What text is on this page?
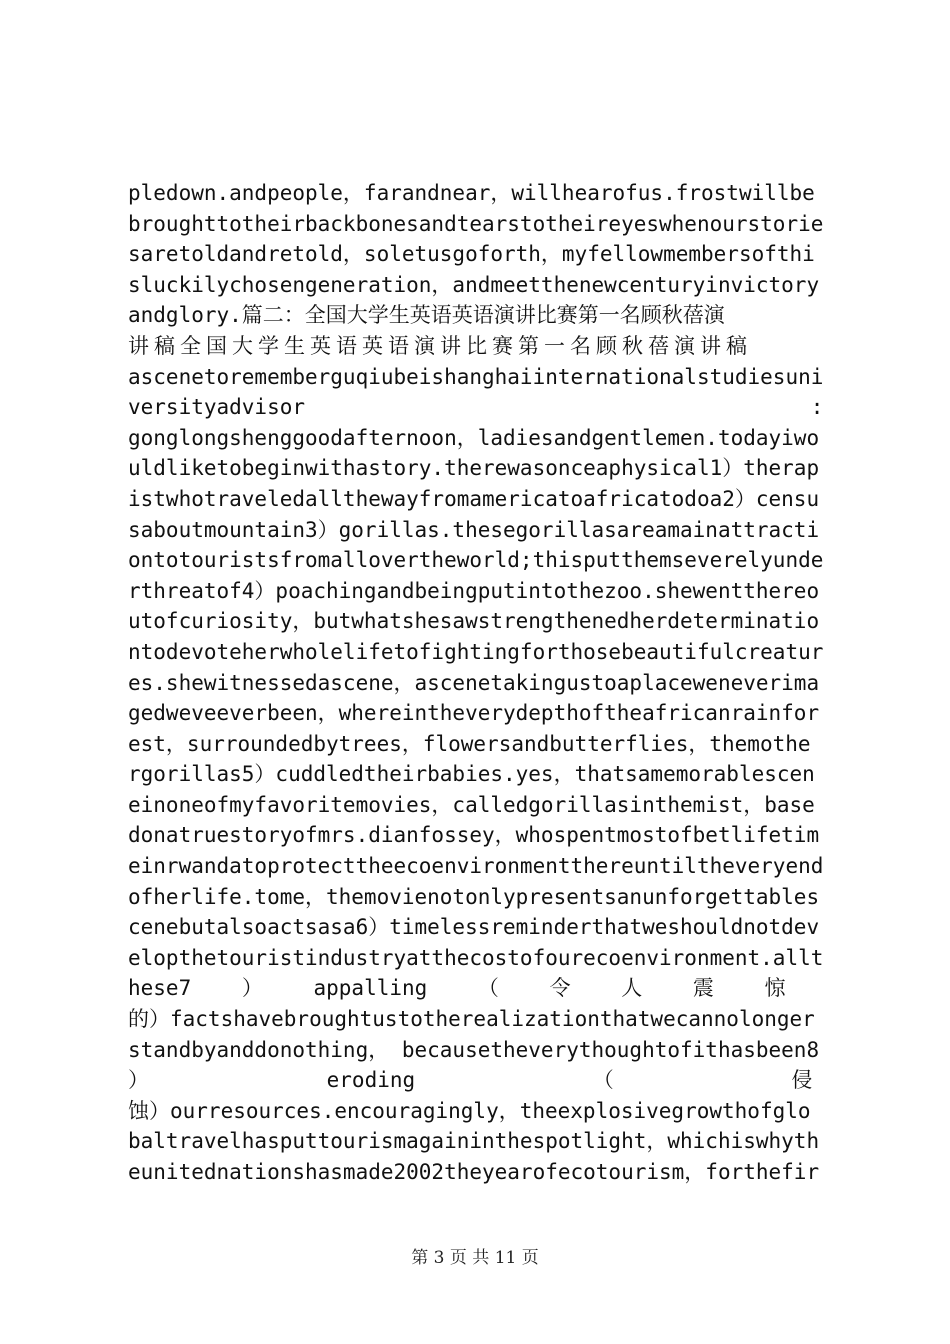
pledown.andpeople，farandnear，willhearofus.frostwillbe
broughttotheirbackbonesandtearstotheireyeswhenourstorie
saretoldandretold，soletusgoforth，myfellowmembersofthi
sluckilychosengeneration，andmeetthenewcenturyinvictory
andglory.篇二：全国大学生英语英语演讲比赛第一名顾秋蓓演
讲稿全国大学生英语英语演讲比赛第一名顾秋蓓演讲稿
ascenetorememberguqiubeishanghaiinternationalstudiesuni
versityadvisor                                        :
gonglongshenggoodafternoon，ladiesandgentlemen.todayiwo
uldliketobeginwithastory.therewasonceaphysical1）therap
istwhotraveledallthewayfromamericatoafricatodoa2）censu
saboutmountain3）gorillas.thesegorillasareamainattracti
ontotouristsfromallovertheworld;thisputthemseverelyunde
rthreatof4）poachingandbeingputintothezoo.shewentthereo
utofcuriosity，butwhatshesawstrengthenedherdeterminatio
ntodevoteherwholelifetofightingforthosebeautifulcreatur
es.shewitnessedascene，ascenetakingustoaplaceweneverima
gedweveeverbeen，whereintheverydepthoftheafricanrainfor
est，surroundedbytrees，flowersandbutterflies，themothe
rgorillas5）cuddledtheirbabies.yes，thatsamemorablescen
einoneofmyfavoritemovies，calledgorillasinthemist，base
donatruestoryofmrs.dianfossey，whospentmostofbetlifetim
einrwandatoprotecttheecoenvironmentthereuntiltheveryend
ofherlife.tome，themovienotonlypresentsanunforgettables
cenebutalsoactsasa6）timelessreminderthatweshouldnotdev
elopthetouristindustryatthecostofourecoenvironment.allt
hese7 ） appalling （ 令 人 震 惊
的）factshavebroughtustotherealizationthatwecannolonger
standbyanddonothing， becausetheverythoughtofithasbeen8
） eroding （ 侵
蚀）ourresources.encouragingly，theexplosivegrowthofglo
baltravelhasputtourismagaininthespotlight，whichiswhyth
eunitednationshasmade2002theyearofecotourism，forthefir
第 3 页 共 11 页
